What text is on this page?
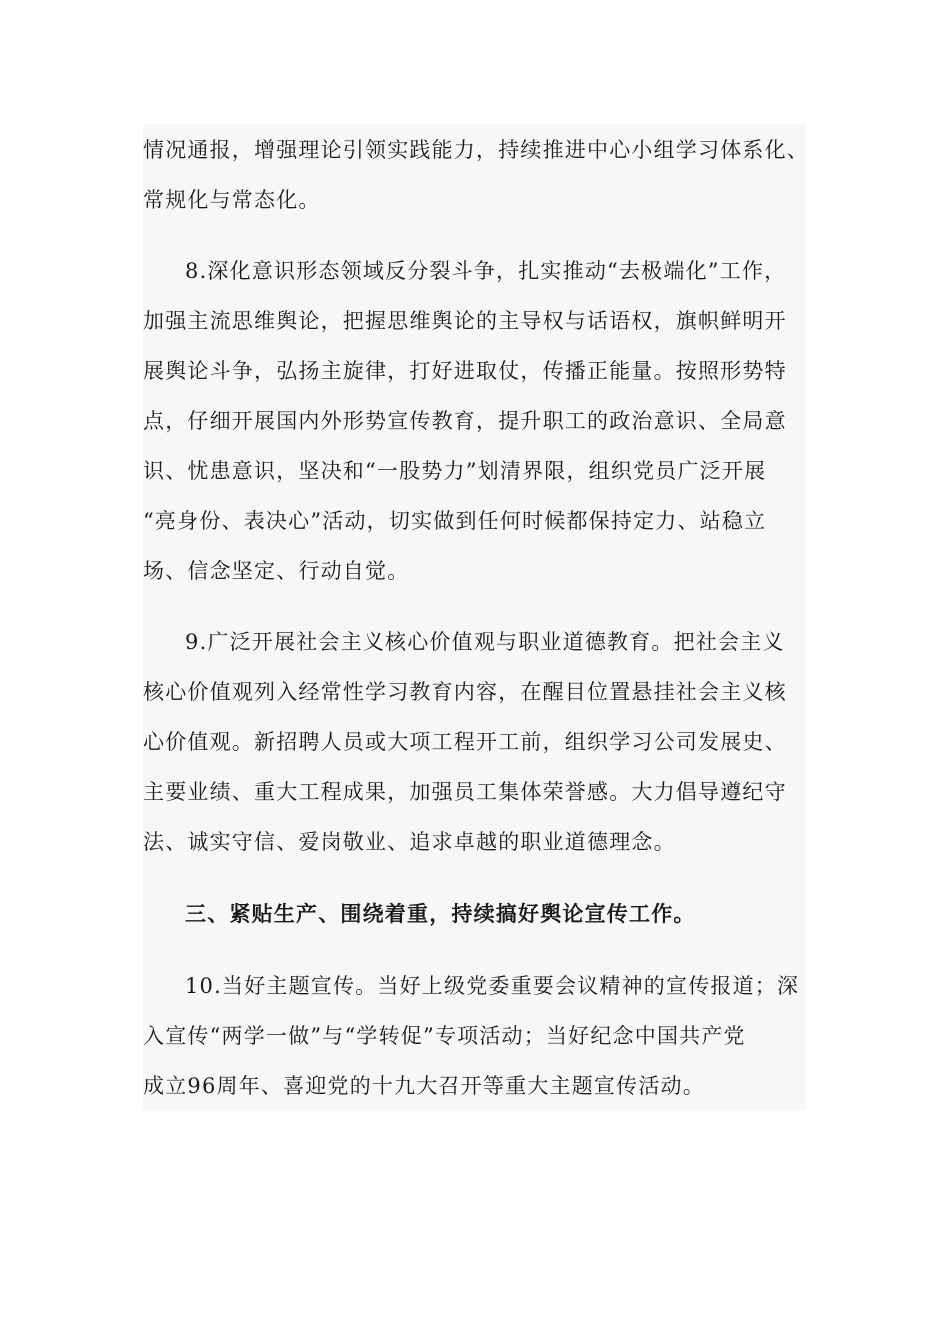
情况通报，增强理论引领实践能力，持续推进中心小组学习体系化、
常规化与常态化。
8.深化意识形态领域反分裂斗争，扎实推动“去极端化”工作，
加强主流思维舆论，把握思维舆论的主导权与话语权，旗帜鲜明开
展舆论斗争，弘扬主旋律，打好进取仗，传播正能量。按照形势特
点，仔细开展国内外形势宣传教育，提升职工的政治意识、全局意
识、忧患意识，坚决和“一股势力”划清界限，组织党员广泛开展
“亮身份、表决心”活动，切实做到任何时候都保持定力、站稳立
场、信念坚定、行动自觉。
9.广泛开展社会主义核心价值观与职业道德教育。把社会主义
核心价值观列入经常性学习教育内容，在醒目位置悬挂社会主义核
心价值观。新招聘人员或大项工程开工前，组织学习公司发展史、
主要业绩、重大工程成果，加强员工集体荣誉感。大力倡导遵纪守
法、诚实守信、爱岗敬业、追求卓越的职业道德理念。
三、紧贴生产、围绕着重，持续搞好舆论宣传工作。
10.当好主题宣传。当好上级党委重要会议精神的宣传报道；深
入宣传“两学一做”与“学转促”专项活动；当好纪念中国共产党
成立96周年、喜迎党的十九大召开等重大主题宣传活动。
